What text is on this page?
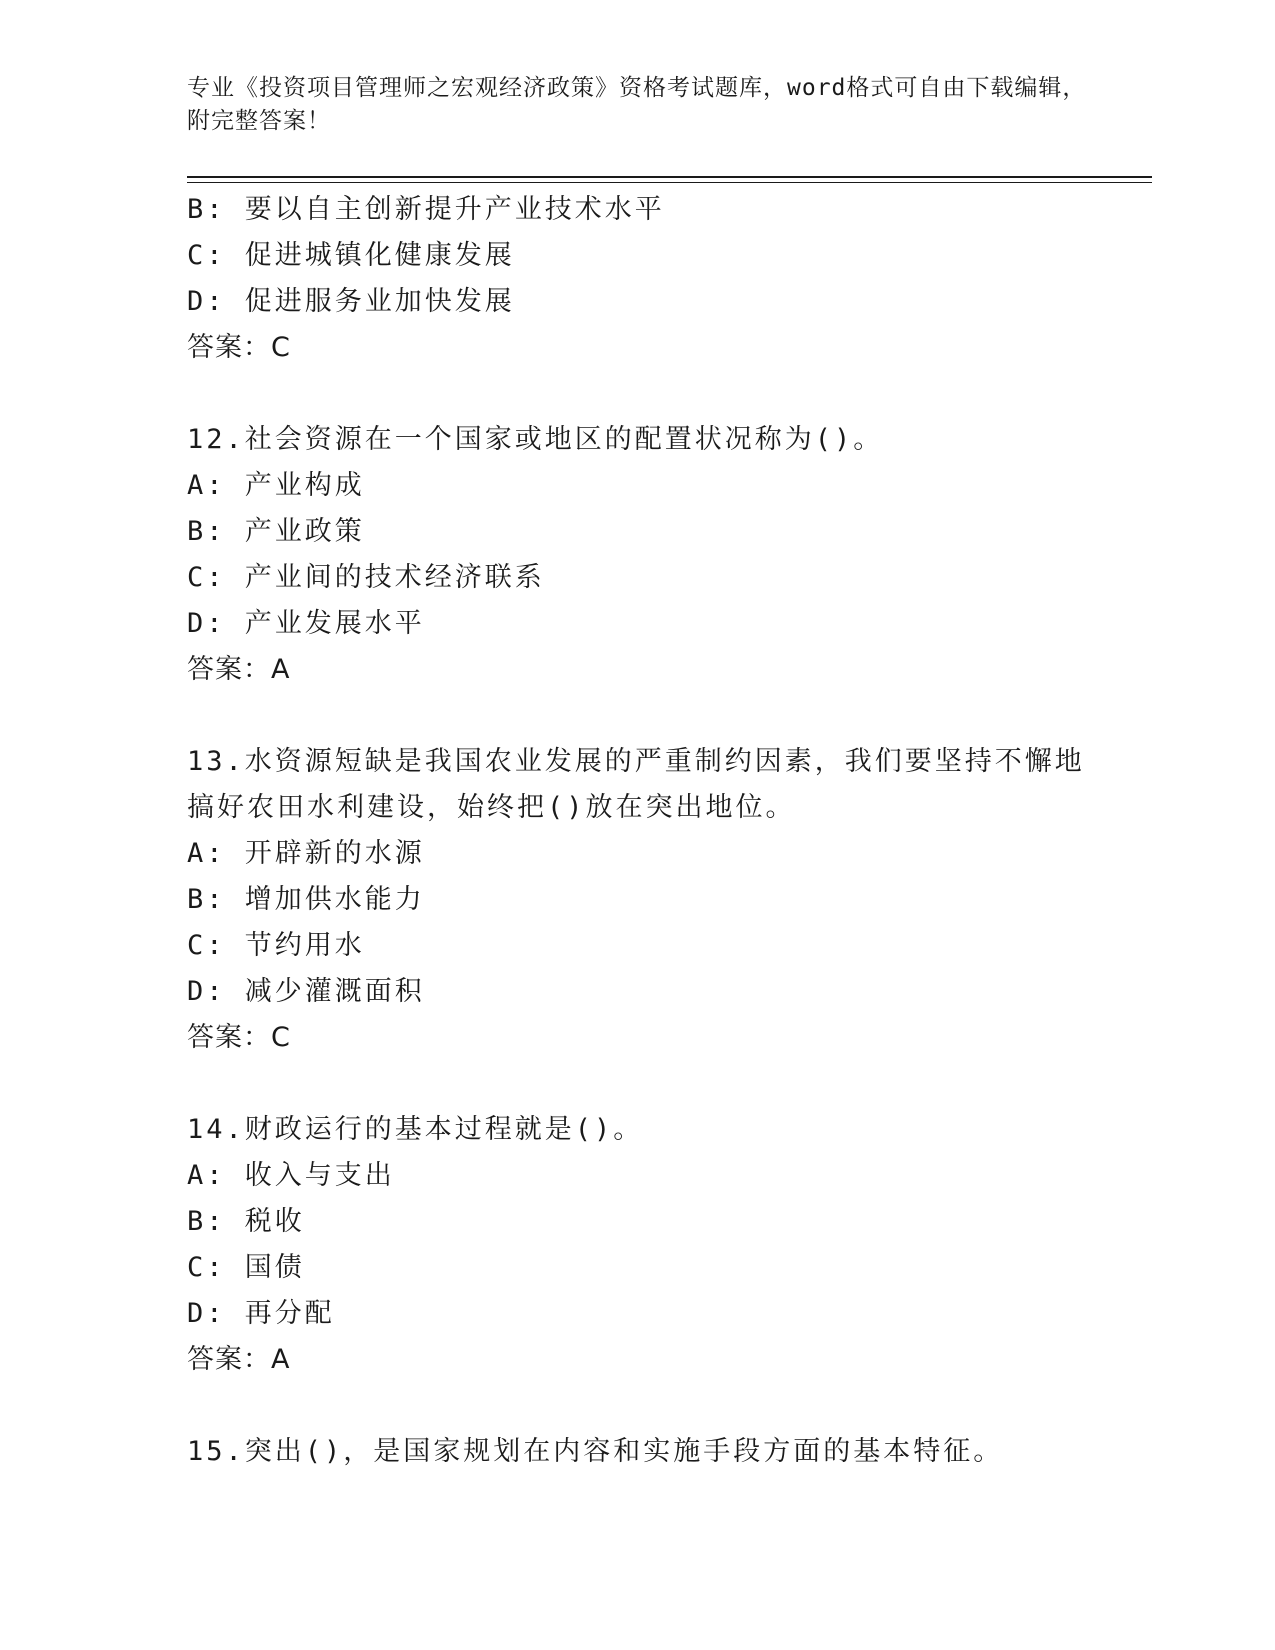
专业《投资项目管理师之宏观经济政策》资格考试题库，word格式可自由下载编辑，附完整答案！
B: 要以自主创新提升产业技术水平
C: 促进城镇化健康发展
D: 促进服务业加快发展
答案：C
12.社会资源在一个国家或地区的配置状况称为()。
A: 产业构成
B: 产业政策
C: 产业间的技术经济联系
D: 产业发展水平
答案：A
13.水资源短缺是我国农业发展的严重制约因素，我们要坚持不懈地搞好农田水利建设，始终把()放在突出地位。
A: 开辟新的水源
B: 增加供水能力
C: 节约用水
D: 减少灌溉面积
答案：C
14.财政运行的基本过程就是()。
A: 收入与支出
B: 税收
C: 国债
D: 再分配
答案：A
15.突出()，是国家规划在内容和实施手段方面的基本特征。
